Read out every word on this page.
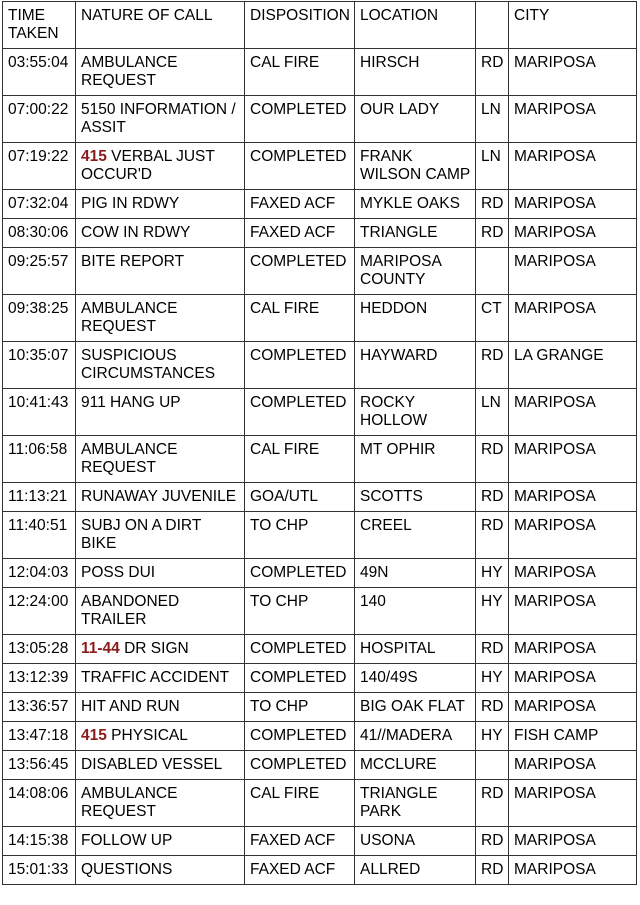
TIME TAKEN	NATURE OF CALL	DISPOSITION	LOCATION		CITY
03:55:04	AMBULANCE REQUEST	CAL FIRE	HIRSCH	RD	MARIPOSA
07:00:22	5150 INFORMATION / ASSIT	COMPLETED	OUR LADY	LN	MARIPOSA
07:19:22	415 VERBAL JUST OCCUR'D	COMPLETED	FRANK WILSON CAMP	LN	MARIPOSA
07:32:04	PIG IN RDWY	FAXED ACF	MYKLE OAKS	RD	MARIPOSA
08:30:06	COW IN RDWY	FAXED ACF	TRIANGLE	RD	MARIPOSA
09:25:57	BITE REPORT	COMPLETED	MARIPOSA COUNTY		MARIPOSA
09:38:25	AMBULANCE REQUEST	CAL FIRE	HEDDON	CT	MARIPOSA
10:35:07	SUSPICIOUS CIRCUMSTANCES	COMPLETED	HAYWARD	RD	LA GRANGE
10:41:43	911 HANG UP	COMPLETED	ROCKY HOLLOW	LN	MARIPOSA
11:06:58	AMBULANCE REQUEST	CAL FIRE	MT OPHIR	RD	MARIPOSA
11:13:21	RUNAWAY JUVENILE	GOA/UTL	SCOTTS	RD	MARIPOSA
11:40:51	SUBJ ON A DIRT BIKE	TO CHP	CREEL	RD	MARIPOSA
12:04:03	POSS DUI	COMPLETED	49N	HY	MARIPOSA
12:24:00	ABANDONED TRAILER	TO CHP	140	HY	MARIPOSA
13:05:28	11-44 DR SIGN	COMPLETED	HOSPITAL	RD	MARIPOSA
13:12:39	TRAFFIC ACCIDENT	COMPLETED	140/49S	HY	MARIPOSA
13:36:57	HIT AND RUN	TO CHP	BIG OAK FLAT	RD	MARIPOSA
13:47:18	415 PHYSICAL	COMPLETED	41//MADERA	HY	FISH CAMP
13:56:45	DISABLED VESSEL	COMPLETED	MCCLURE		MARIPOSA
14:08:06	AMBULANCE REQUEST	CAL FIRE	TRIANGLE PARK	RD	MARIPOSA
14:15:38	FOLLOW UP	FAXED ACF	USONA	RD	MARIPOSA
15:01:33	QUESTIONS	FAXED ACF	ALLRED	RD	MARIPOSA
